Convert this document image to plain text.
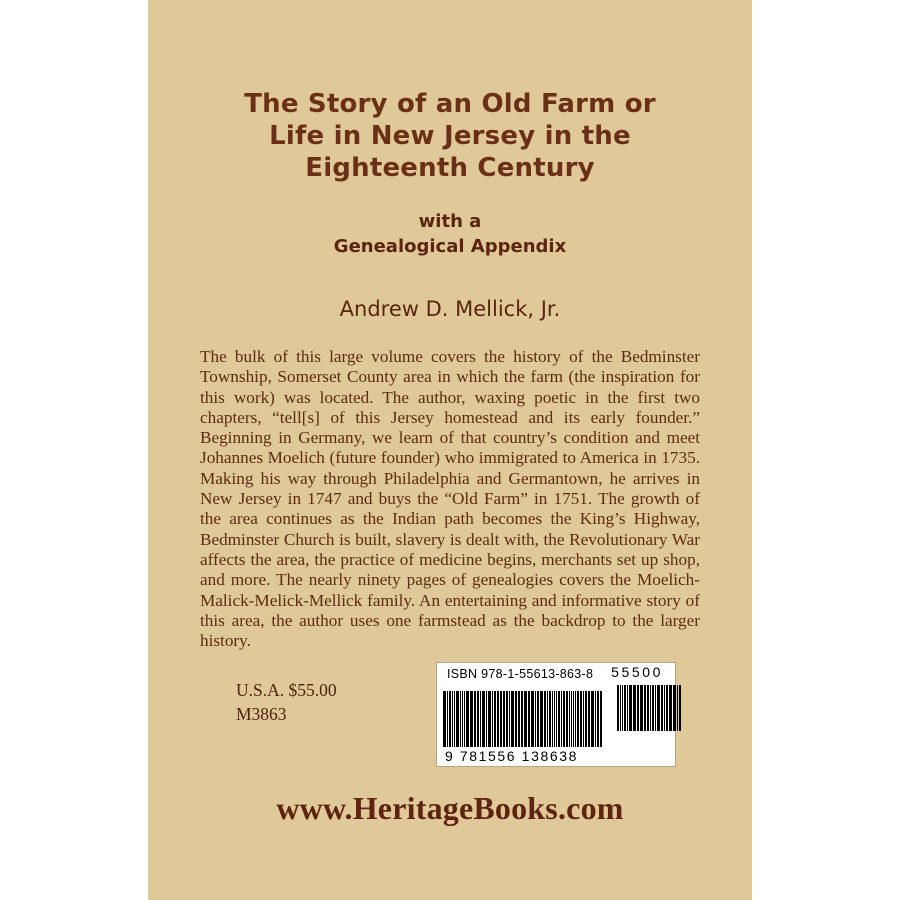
The Story of an Old Farm or
Life in New Jersey in the
Eighteenth Century
with a
Genealogical Appendix
Andrew D. Mellick, Jr.
The bulk of this large volume covers the history of the Bedminster Township, Somerset County area in which the farm (the inspiration for this work) was located. The author, waxing poetic in the first two chapters, “tell[s] of this Jersey homestead and its early founder.” Beginning in Germany, we learn of that country’s condition and meet Johannes Moelich (future founder) who immigrated to America in 1735. Making his way through Philadelphia and Germantown, he arrives in New Jersey in 1747 and buys the “Old Farm” in 1751. The growth of the area continues as the Indian path becomes the King’s Highway, Bedminster Church is built, slavery is dealt with, the Revolutionary War affects the area, the practice of medicine begins, merchants set up shop, and more. The nearly ninety pages of genealogies covers the Moelich-Malick-Melick-Mellick family. An entertaining and informative story of this area, the author uses one farmstead as the backdrop to the larger history.
U.S.A. $55.00
M3863
ISBN 978-1-55613-863-8	55500
9 781556 138638
www.HeritageBooks.com
